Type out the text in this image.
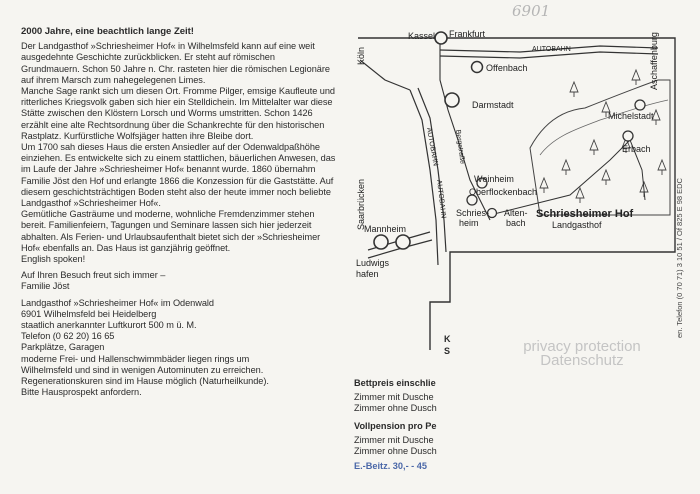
6901
2000 Jahre, eine beachtlich lange Zeit!

Der Landgasthof »Schriesheimer Hof« in Wilhelmsfeld kann auf eine weit ausgedehnte Geschichte zurückblicken. Er steht auf römischen Grundmauern. Schon 50 Jahre n. Chr. rasteten hier die römischen Legionäre auf ihrem Marsch zum nahegelegenen Limes.

Manche Sage rankt sich um diesen Ort. Fromme Pilger, emsige Kaufleute und ritterliches Kriegsvolk gaben sich hier ein Stelldichein. Im Mittelalter war diese Stätte zwischen den Klöstern Lorsch und Worms umstritten. Schon 1426 erzählt eine alte Rechtsordnung über die Schankrechte für den historischen Rastplatz. Kurfürstliche Wolfsjäger hatten ihre Bleibe dort.

Um 1700 sah dieses Haus die ersten Ansiedler auf der Odenwaldpaßhöhe einziehen. Es entwickelte sich zu einem stattlichen, bäuerlichen Anwesen, das im Laufe der Jahre »Schriesheimer Hof« benannt wurde. 1860 übernahm Familie Jöst den Hof und erlangte 1866 die Konzession für die Gaststätte. Auf diesem geschichtsträchtigen Boden steht also der heute immer noch beliebte Landgasthof »Schriesheimer Hof«.

Gemütliche Gasträume und moderne, wohnliche Fremdenzimmer stehen bereit. Familienfeiern, Tagungen und Seminare lassen sich hier jederzeit abhalten. Als Ferien- und Urlaubsaufenthalt bietet sich der »Schriesheimer Hof« ebenfalls an. Das Haus ist ganzjährig geöffnet.

English spoken!

Auf Ihren Besuch freut sich immer –

Familie Jöst

Landgasthof »Schriesheimer Hof« im Odenwald

6901 Wilhelmsfeld bei Heidelberg

staatlich anerkannter Luftkurort 500 m ü. M.

Telefon (0 62 20) 16 65

Parkplätze, Garagen

moderne Frei- und Hallenschwimmbäder liegen rings um

Wilhelmsfeld und sind in wenigen Autominuten zu erreichen.

Regenerationskuren sind im Hause möglich (Naturheilkunde).

Bitte Hausprospekt anfordern.

Kassel Frankfurt
Offenbach
Darmstadt
Michelstadt
Erbach
Weinheim
Oberflockenbach
Schries-
heim
Alten-
bach
Mannheim
Ludwigs
hafen
Schriesheimer Hof
Landgasthof
Köln
Saarbrücken
Aschaffenburg
AUTOBAHN
AUTOBAHN
AUTOBAHN
Bergstraße
en. Telefon (0 70 71) 3 10 51 / Of 825 E 98 EDC
K
S
Bettpreis einschlie
Zimmer mit Dusche
Zimmer ohne Dusch
Vollpension pro Pe
Zimmer mit Dusche
Zimmer ohne Dusch
E.-Beitz. 30,- - 45
privacy protection
Datenschutz
